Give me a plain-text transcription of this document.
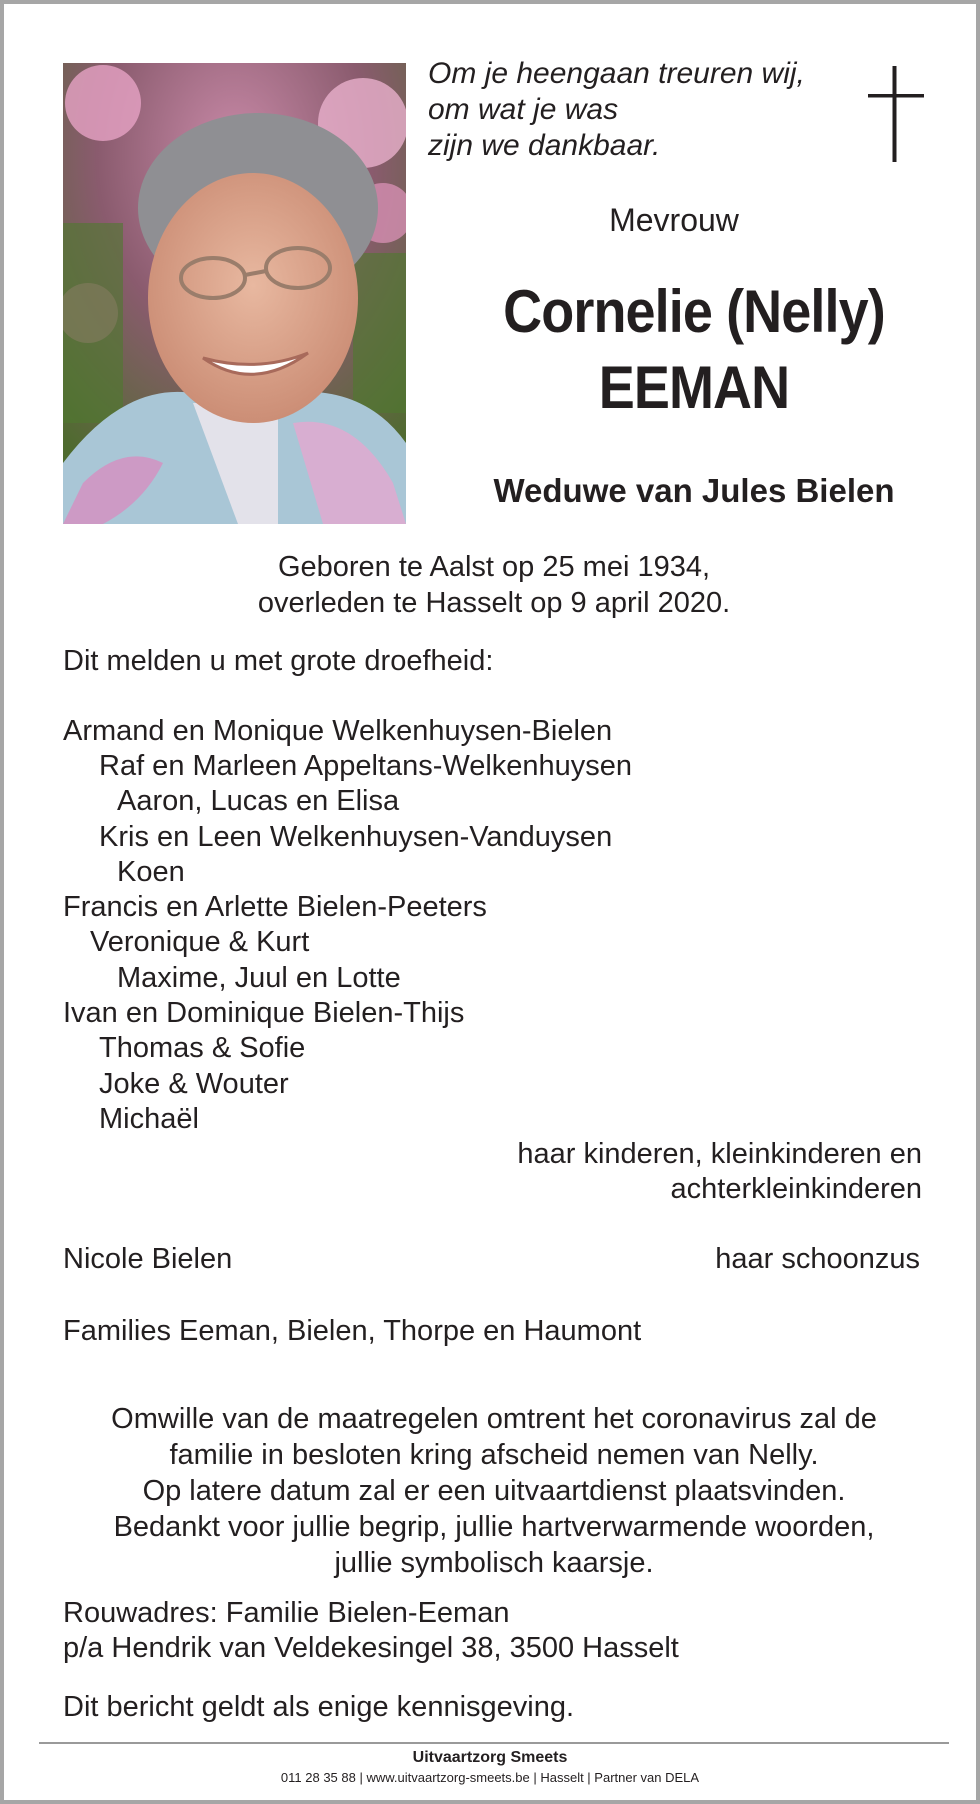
Om je heengaan treuren wij,
om wat je was
zijn we dankbaar.
Mevrouw
Cornelie (Nelly)
EEMAN
Weduwe van Jules Bielen
Geboren te Aalst op 25 mei 1934,
overleden te Hasselt op 9 april 2020.
Dit melden u met grote droefheid:
Armand en Monique Welkenhuysen-Bielen
Raf en Marleen Appeltans-Welkenhuysen
Aaron, Lucas en Elisa
Kris en Leen Welkenhuysen-Vanduysen
Koen
Francis en Arlette Bielen-Peeters
Veronique & Kurt
Maxime, Juul en Lotte
Ivan en Dominique Bielen-Thijs
Thomas & Sofie
Joke & Wouter
Michaël
haar kinderen, kleinkinderen en
achterkleinkinderen
Nicole Bielen	haar schoonzus
Families Eeman, Bielen, Thorpe en Haumont
Omwille van de maatregelen omtrent het coronavirus zal de
familie in besloten kring afscheid nemen van Nelly.
Op latere datum zal er een uitvaartdienst plaatsvinden.
Bedankt voor jullie begrip, jullie hartverwarmende woorden,
jullie symbolisch kaarsje.
Rouwadres: Familie Bielen-Eeman
p/a Hendrik van Veldekesingel 38, 3500 Hasselt
Dit bericht geldt als enige kennisgeving.
Uitvaartzorg Smeets
011 28 35 88 | www.uitvaartzorg-smeets.be | Hasselt | Partner van DELA
